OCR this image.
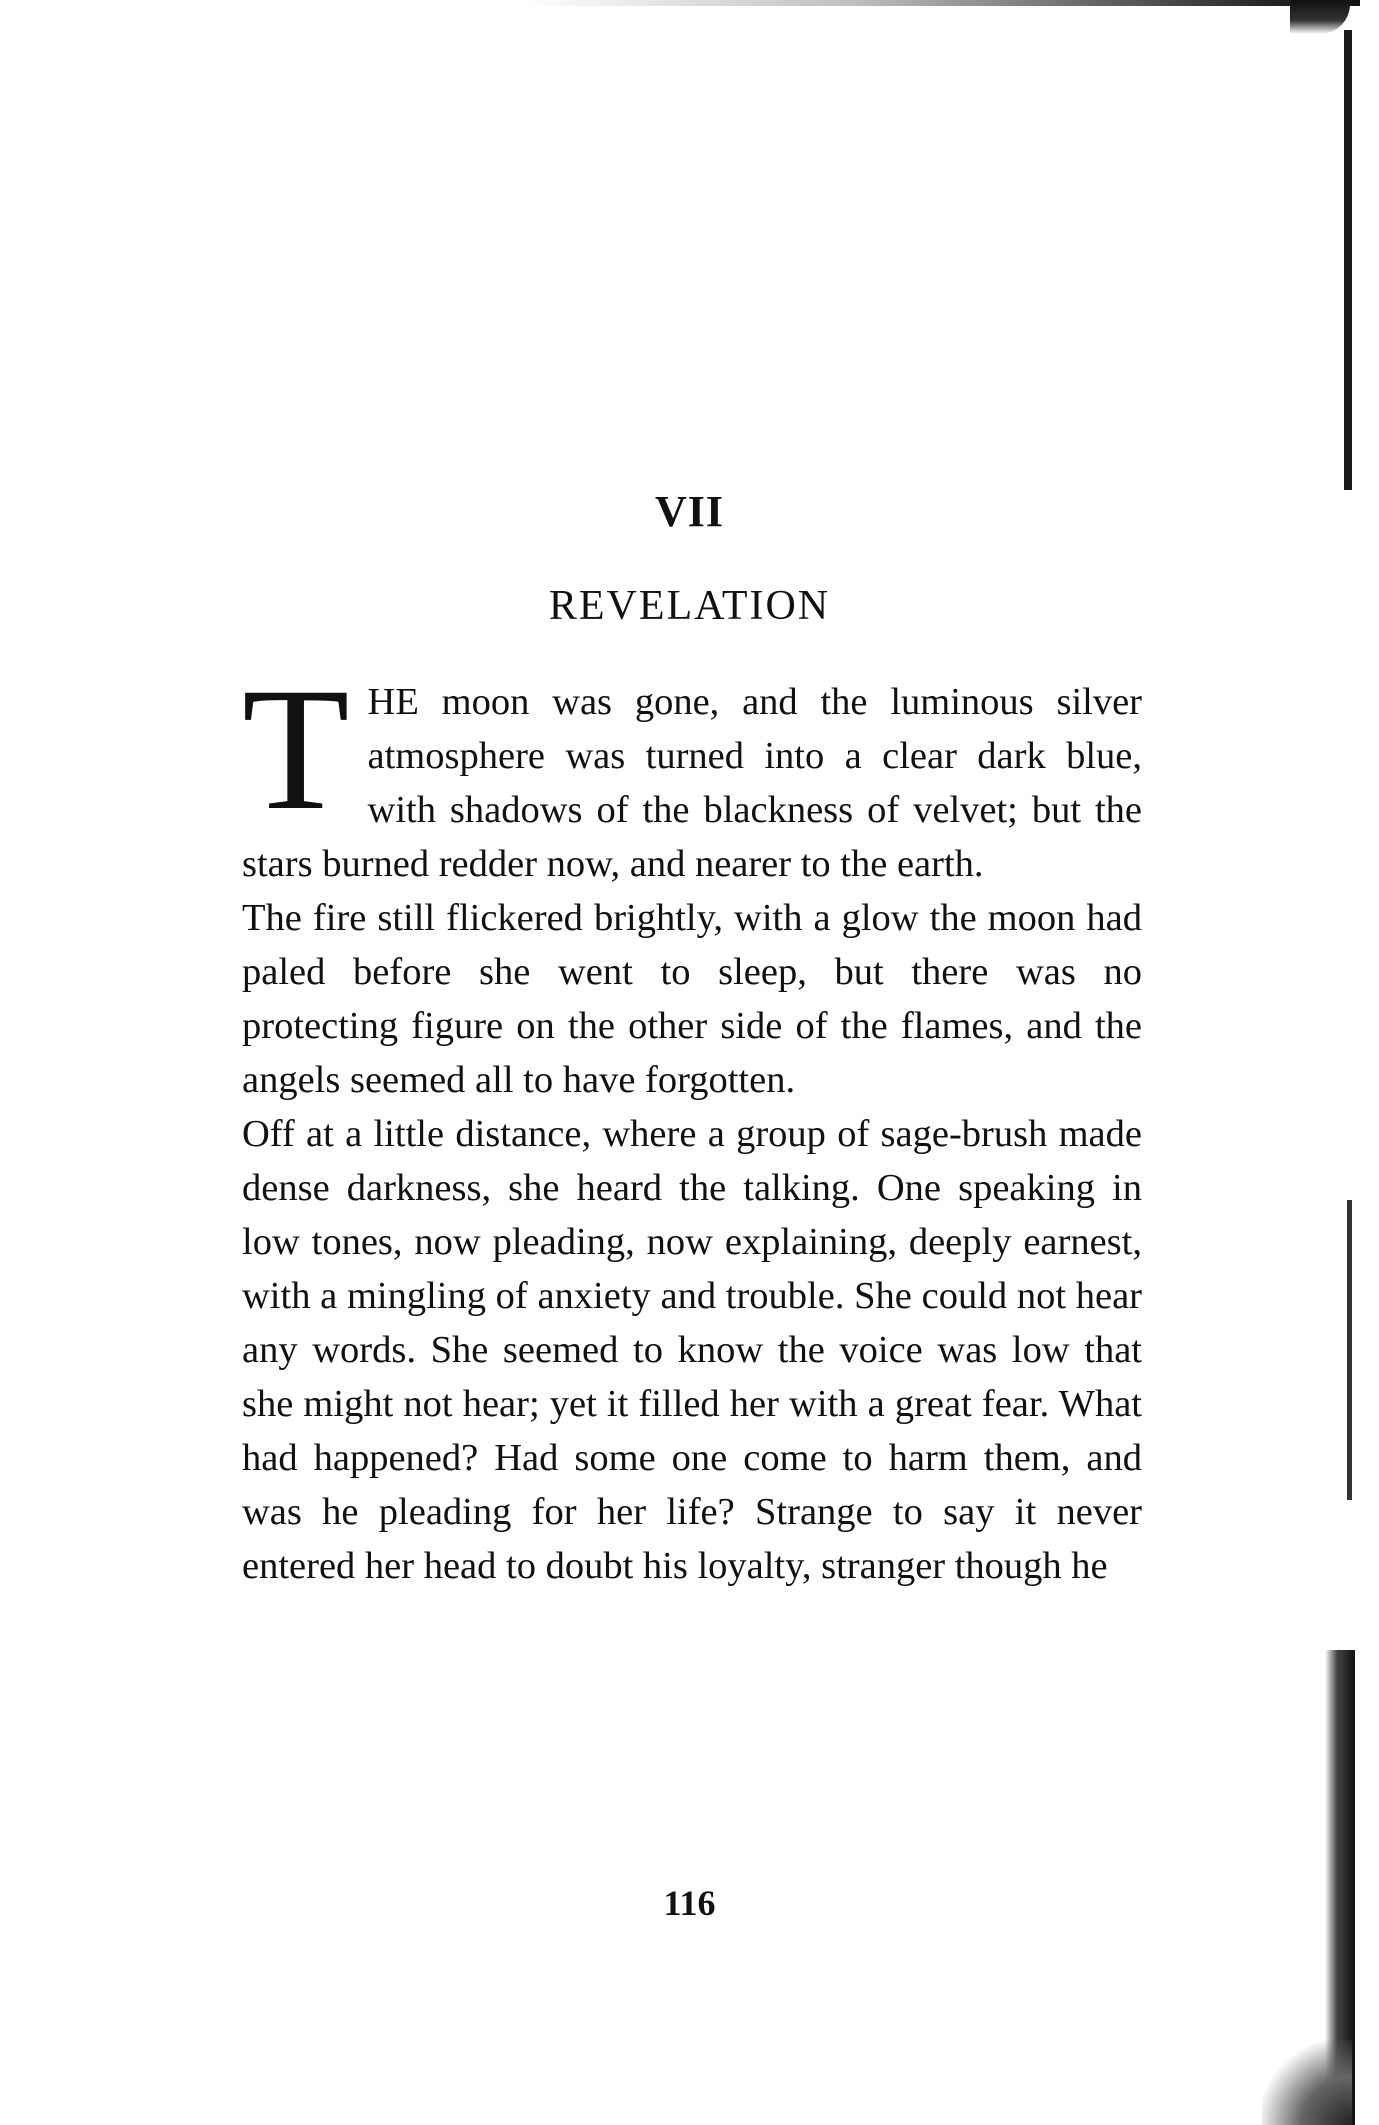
VII
REVELATION

THE moon was gone, and the luminous silver atmosphere was turned into a clear dark blue, with shadows of the blackness of velvet; but the stars burned redder now, and nearer to the earth.

The fire still flickered brightly, with a glow the moon had paled before she went to sleep, but there was no protecting figure on the other side of the flames, and the angels seemed all to have forgotten.

Off at a little distance, where a group of sage-brush made dense darkness, she heard the talking. One speaking in low tones, now pleading, now explaining, deeply earnest, with a mingling of anxiety and trouble. She could not hear any words. She seemed to know the voice was low that she might not hear; yet it filled her with a great fear. What had happened? Had some one come to harm them, and was he pleading for her life? Strange to say it never entered her head to doubt his loyalty, stranger though he

116
